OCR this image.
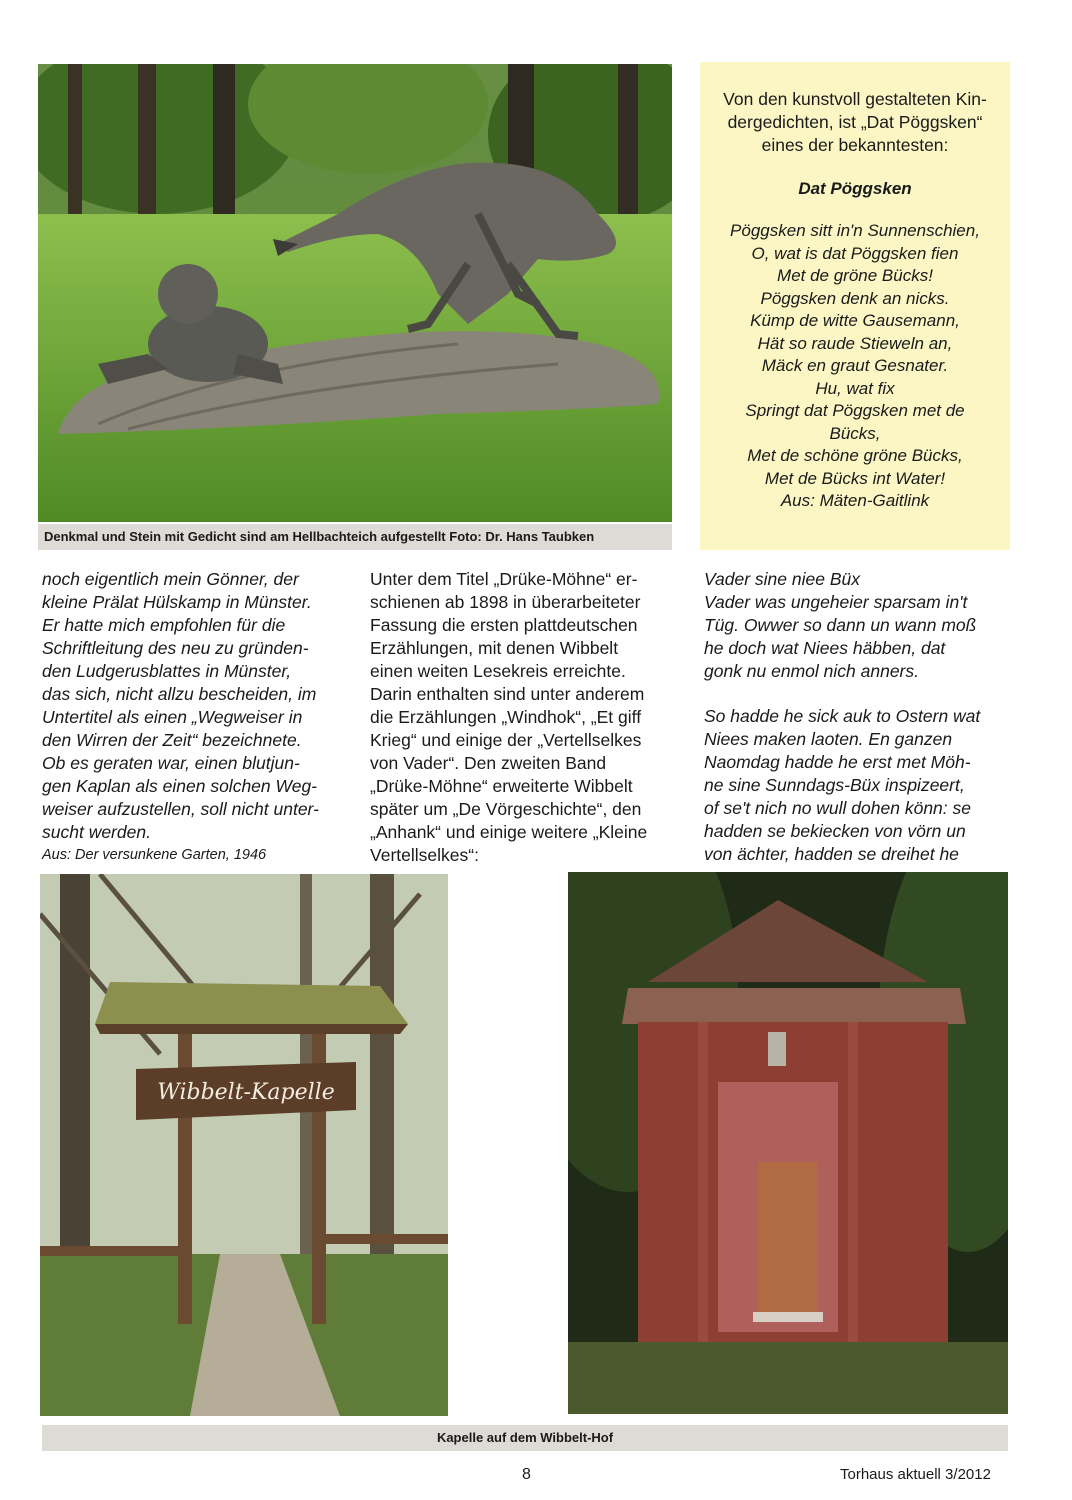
Denkmal und Stein mit Gedicht sind am Hellbachteich aufgestellt Foto: Dr. Hans Taubken
Von den kunstvoll gestalteten Kin-
dergedichten, ist „Dat Pöggsken“
eines der bekanntesten:
Dat Pöggsken
Pöggsken sitt in'n Sunnenschien,
O, wat is dat Pöggsken fien
Met de gröne Bücks!
Pöggsken denk an nicks.
Kümp de witte Gausemann,
Hät so raude Stieweln an,
Mäck en graut Gesnater.
Hu, wat fix
Springt dat Pöggsken met de
Bücks,
Met de schöne gröne Bücks,
Met de Bücks int Water!
Aus: Mäten-Gaitlink
noch eigentlich mein Gönner, der
kleine Prälat Hülskamp in Münster.
Er hatte mich empfohlen für die
Schriftleitung des neu zu gründen-
den Ludgerusblattes in Münster,
das sich, nicht allzu bescheiden, im
Untertitel als einen „Wegweiser in
den Wirren der Zeit“ bezeichnete.
Ob es geraten war, einen blutjun-
gen Kaplan als einen solchen Weg-
weiser aufzustellen, soll nicht unter-
sucht werden.
Aus: Der versunkene Garten, 1946
Unter dem Titel „Drüke-Möhne“ er-
schienen ab 1898 in überarbeiteter
Fassung die ersten plattdeutschen
Erzählungen, mit denen Wibbelt
einen weiten Lesekreis erreichte.
Darin enthalten sind unter anderem
die Erzählungen „Windhok“, „Et giff
Krieg“ und einige der „Vertellselkes
von Vader“. Den zweiten Band
„Drüke-Möhne“ erweiterte Wibbelt
später um „De Vörgeschichte“, den
„Anhank“ und einige weitere „Kleine
Vertellselkes“:
Vader sine niee Büx
Vader was ungeheier sparsam in't
Tüg. Owwer so dann un wann moß
he doch wat Niees häbben, dat
gonk nu enmol nich anners.
So hadde he sick auk to Ostern wat
Niees maken laoten. En ganzen
Naomdag hadde he erst met Möh-
ne sine Sunndags-Büx inspizeert,
of se't nich no wull dohen könn: se
hadden se bekiecken von vörn un
von ächter, hadden se dreihet he
Wibbelt-Kapelle
Kapelle auf dem Wibbelt-Hof
8	Torhaus aktuell 3/2012
